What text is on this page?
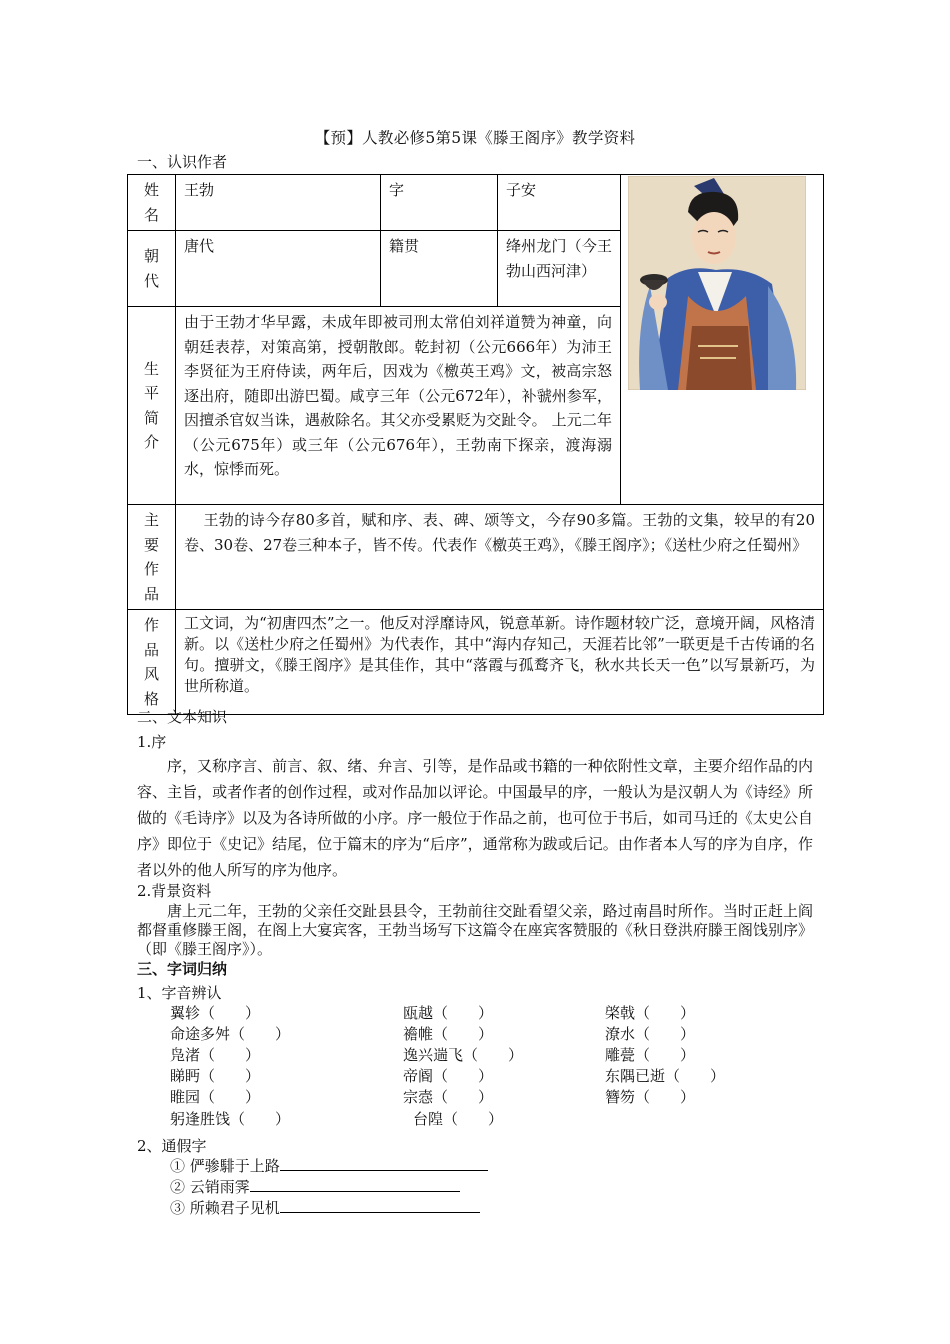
【预】人教必修5第5课《滕王阁序》教学资料
一、认识作者
姓
名	王勃	字	子安	

朝
代	唐代	籍贯	绛州龙门（今王勃山西河津）	

生
平
简
介	由于王勃才华早露，未成年即被司刑太常伯刘祥道赞为神童，向朝廷表荐，对策高第，授朝散郎。乾封初（公元666年）为沛王李贤征为王府侍读，两年后，因戏为《檄英王鸡》文，被高宗怒逐出府，随即出游巴蜀。咸亨三年（公元672年），补虢州参军，因擅杀官奴当诛，遇赦除名。其父亦受累贬为交趾令。 上元二年（公元675年）或三年（公元676年），王勃南下探亲，渡海溺水，惊悸而死。			

主
要
作
品	王勃的诗今存80多首，赋和序、表、碑、颂等文，今存90多篇。王勃的文集，较早的有20卷、30卷、27卷三种本子，皆不传。代表作《檄英王鸡》，《滕王阁序》；《送杜少府之任蜀州》			

作
品
风
格	工文词，为“初唐四杰”之一。他反对浮靡诗风，锐意革新。诗作题材较广泛，意境开阔，风格清新。以《送杜少府之任蜀州》为代表作，其中“海内存知己，天涯若比邻”一联更是千古传诵的名句。擅骈文，《滕王阁序》是其佳作，其中“落霞与孤鹜齐飞，秋水共长天一色”以写景新巧，为世所称道。			
二、文本知识
1.序
序，又称序言、前言、叙、绪、弁言、引等，是作品或书籍的一种依附性文章，主要介绍作品的内容、主旨，或者作者的创作过程，或对作品加以评论。中国最早的序，一般认为是汉朝人为《诗经》所做的《毛诗序》以及为各诗所做的小序。序一般位于作品之前，也可位于书后，如司马迁的《太史公自序》即位于《史记》结尾，位于篇末的序为“后序”，通常称为跋或后记。由作者本人写的序为自序，作者以外的他人所写的序为他序。
2.背景资料
唐上元二年，王勃的父亲任交趾县县令，王勃前往交趾看望父亲，路过南昌时所作。当时正赶上阎都督重修滕王阁，在阁上大宴宾客，王勃当场写下这篇令在座宾客赞服的《秋日登洪府滕王阁饯别序》（即《滕王阁序》）。
三、字词归纳
1、字音辨认
翼轸（　　）	瓯越（　　）	棨戟（　　）
命途多舛（　　）	襜帷（　　）	潦水（　　）
凫渚（　　）	逸兴遄飞（　　）	雕甍（　　）
睇眄（　　）	帝阍（　　）	东隅已逝（　　）
睢园（　　）	宗悫（　　）	簪笏（　　）
躬逢胜饯（　　）	台隍（　　）
2、通假字
① 俨骖騑于上路
② 云销雨霁
③ 所赖君子见机
